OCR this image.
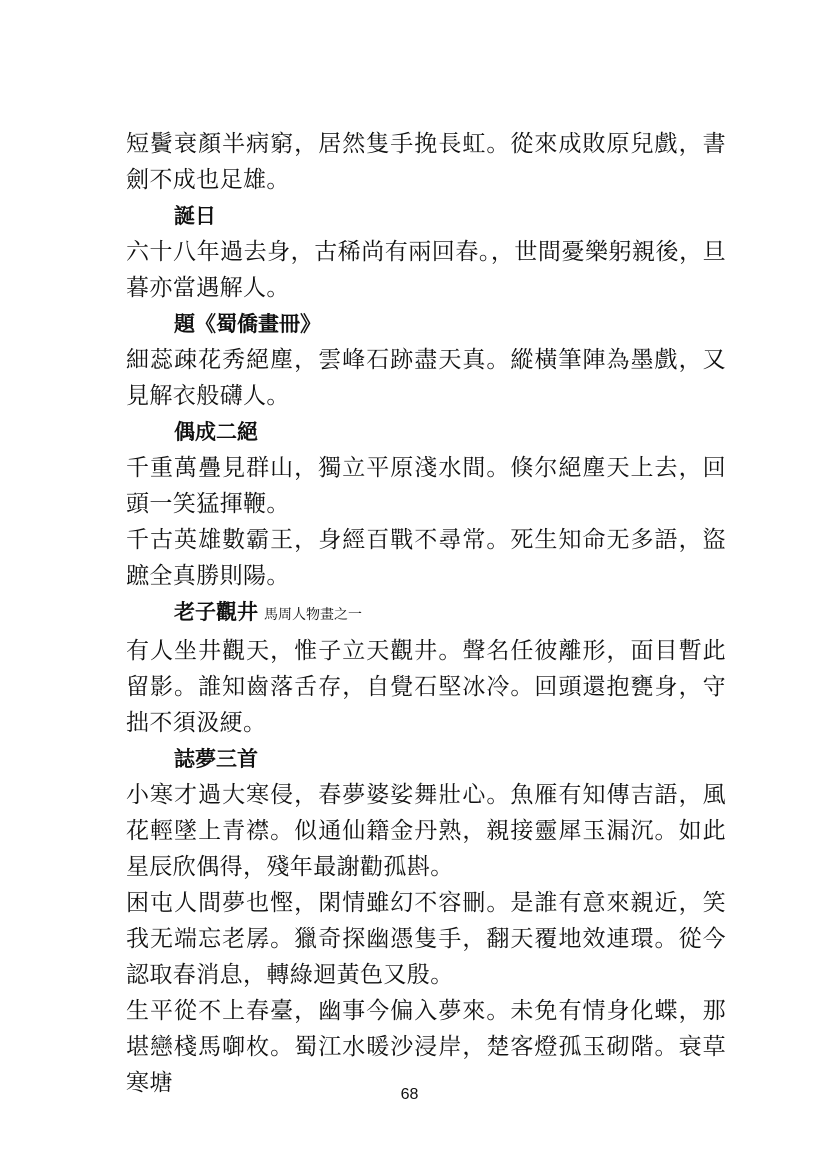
短鬢衰顏半病窮，居然隻手挽長虹。從來成敗原兒戲，書劍不成也足雄。

誕日

六十八年過去身，古稀尚有兩回春。，世間憂樂躬親後，旦暮亦當遇解人。

題《蜀僑畫冊》

細蕊疎花秀絕塵，雲峰石跡盡天真。縱橫筆陣為墨戲，又見解衣般礴人。

偶成二絕

千重萬疊見群山，獨立平原淺水間。倏尔絕塵天上去，回頭一笑猛揮鞭。

千古英雄數霸王，身經百戰不尋常。死生知命无多語，盜蹠全真勝則陽。

老子觀井 馬周人物畫之一

有人坐井觀天，惟子立天觀井。聲名任彼離形，面目暫此留影。誰知齒落舌存，自覺石堅冰冷。回頭還抱甕身，守拙不須汲綆。

誌夢三首

小寒才過大寒侵，春夢婆娑舞壯心。魚雁有知傳吉語，風花輕墜上青襟。似通仙籍金丹熟，親接靈犀玉漏沉。如此星辰欣偶得，殘年最謝勸孤斟。

困屯人間夢也慳，閑情雖幻不容刪。是誰有意來親近，笑我无端忘老孱。獵奇探幽憑隻手，翻天覆地效連環。從今認取春消息，轉綠迴黃色又殷。

生平從不上春臺，幽事今偏入夢來。未免有情身化蝶，那堪戀棧馬啣枚。蜀江水暖沙浸岸，楚客燈孤玉砌階。衰草寒塘	68
